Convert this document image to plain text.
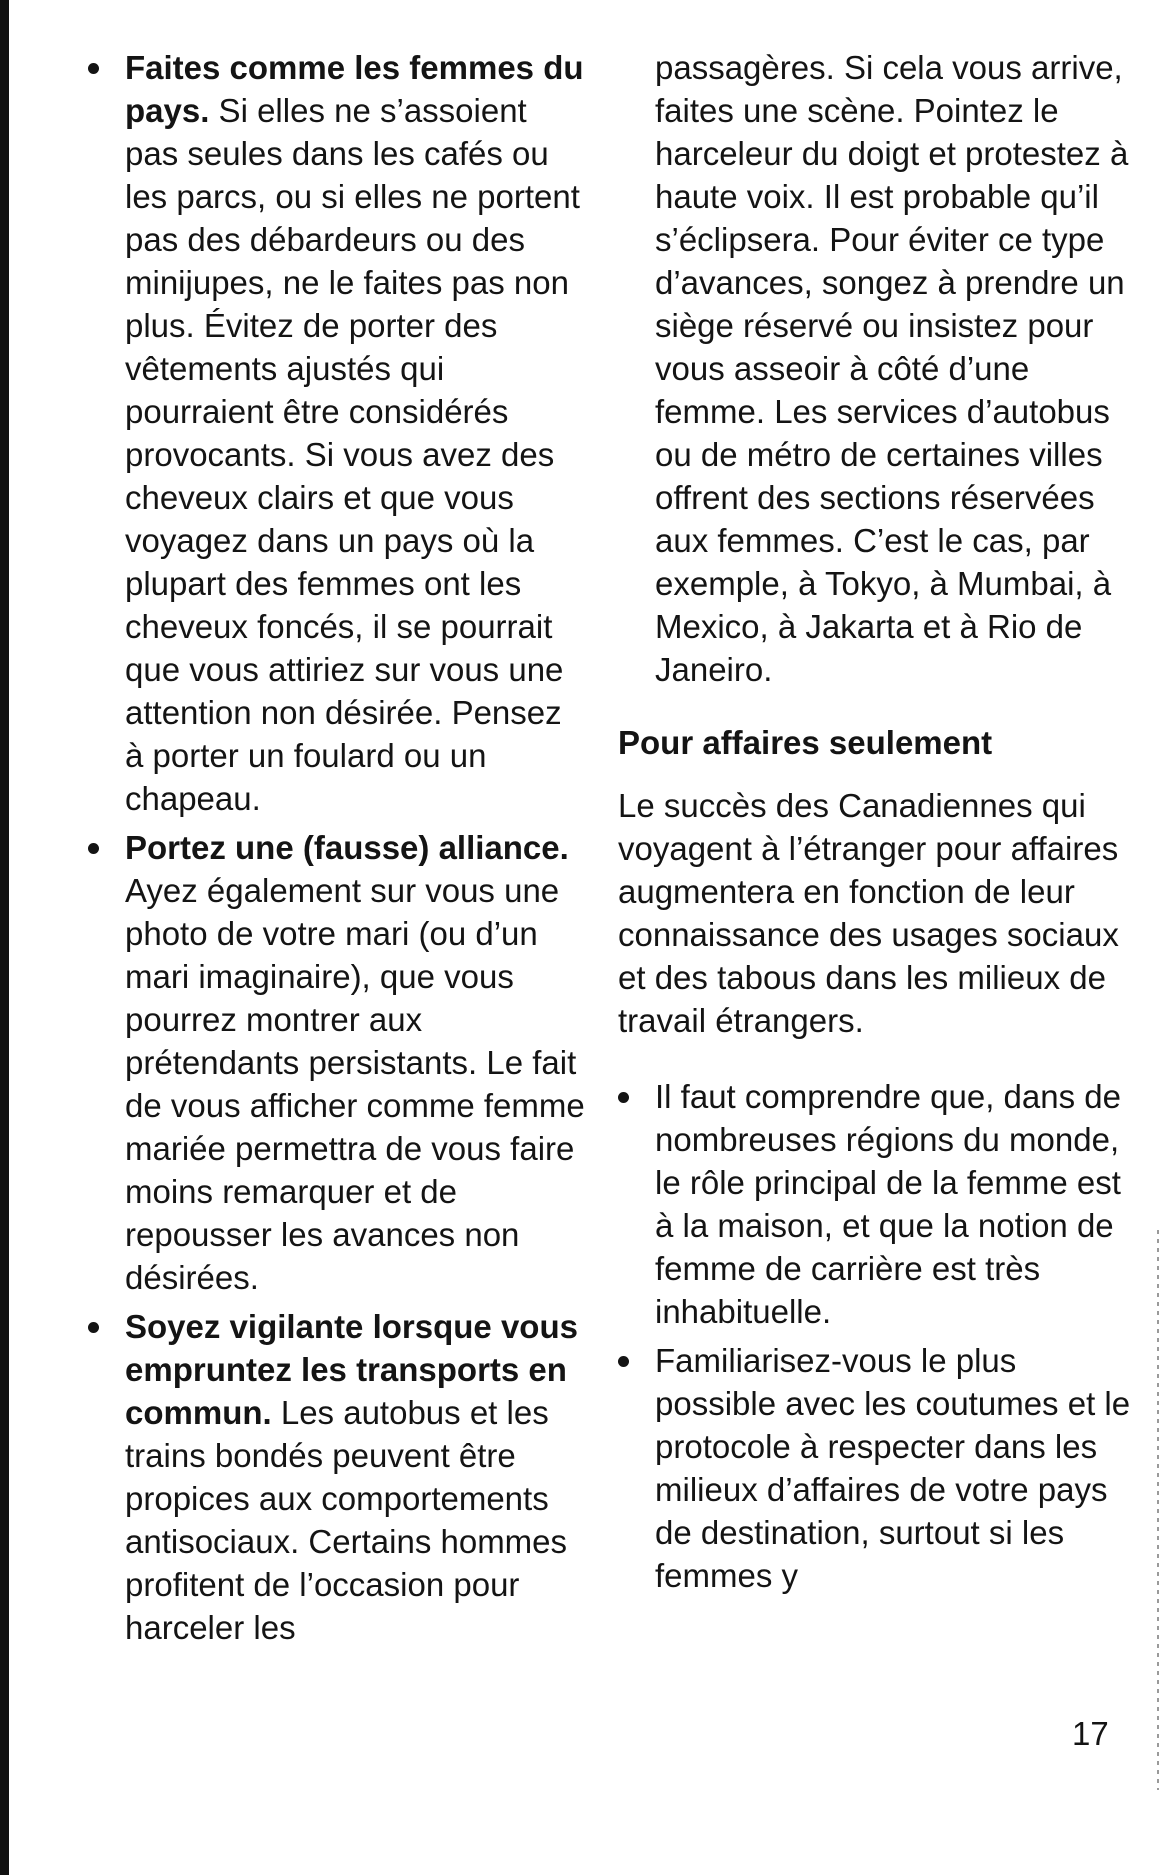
Faites comme les femmes du pays. Si elles ne s’assoient pas seules dans les cafés ou les parcs, ou si elles ne portent pas des débardeurs ou des minijupes, ne le faites pas non plus. Évitez de porter des vêtements ajustés qui pourraient être considérés provocants. Si vous avez des cheveux clairs et que vous voyagez dans un pays où la plupart des femmes ont les cheveux foncés, il se pourrait que vous attiriez sur vous une attention non désirée. Pensez à porter un foulard ou un chapeau.
Portez une (fausse) alliance. Ayez également sur vous une photo de votre mari (ou d’un mari imaginaire), que vous pourrez montrer aux prétendants persistants. Le fait de vous afficher comme femme mariée permettra de vous faire moins remarquer et de repousser les avances non désirées.
Soyez vigilante lorsque vous empruntez les transports en commun. Les autobus et les trains bondés peuvent être propices aux comportements antisociaux. Certains hommes profitent de l’occasion pour harceler les

passagères. Si cela vous arrive, faites une scène. Pointez le harceleur du doigt et protestez à haute voix. Il est probable qu’il s’éclipsera. Pour éviter ce type d’avances, songez à prendre un siège réservé ou insistez pour vous asseoir à côté d’une femme. Les services d’autobus ou de métro de certaines villes offrent des sections réservées aux femmes. C’est le cas, par exemple, à Tokyo, à Mumbai, à Mexico, à Jakarta et à Rio de Janeiro.

Pour affaires seulement

Le succès des Canadiennes qui voyagent à l’étranger pour affaires augmentera en fonction de leur connaissance des usages sociaux et des tabous dans les milieux de travail étrangers.

Il faut comprendre que, dans de nombreuses régions du monde, le rôle principal de la femme est à la maison, et que la notion de femme de carrière est très inhabituelle.
Familiarisez-vous le plus possible avec les coutumes et le protocole à respecter dans les milieux d’affaires de votre pays de destination, surtout si les femmes y
17
